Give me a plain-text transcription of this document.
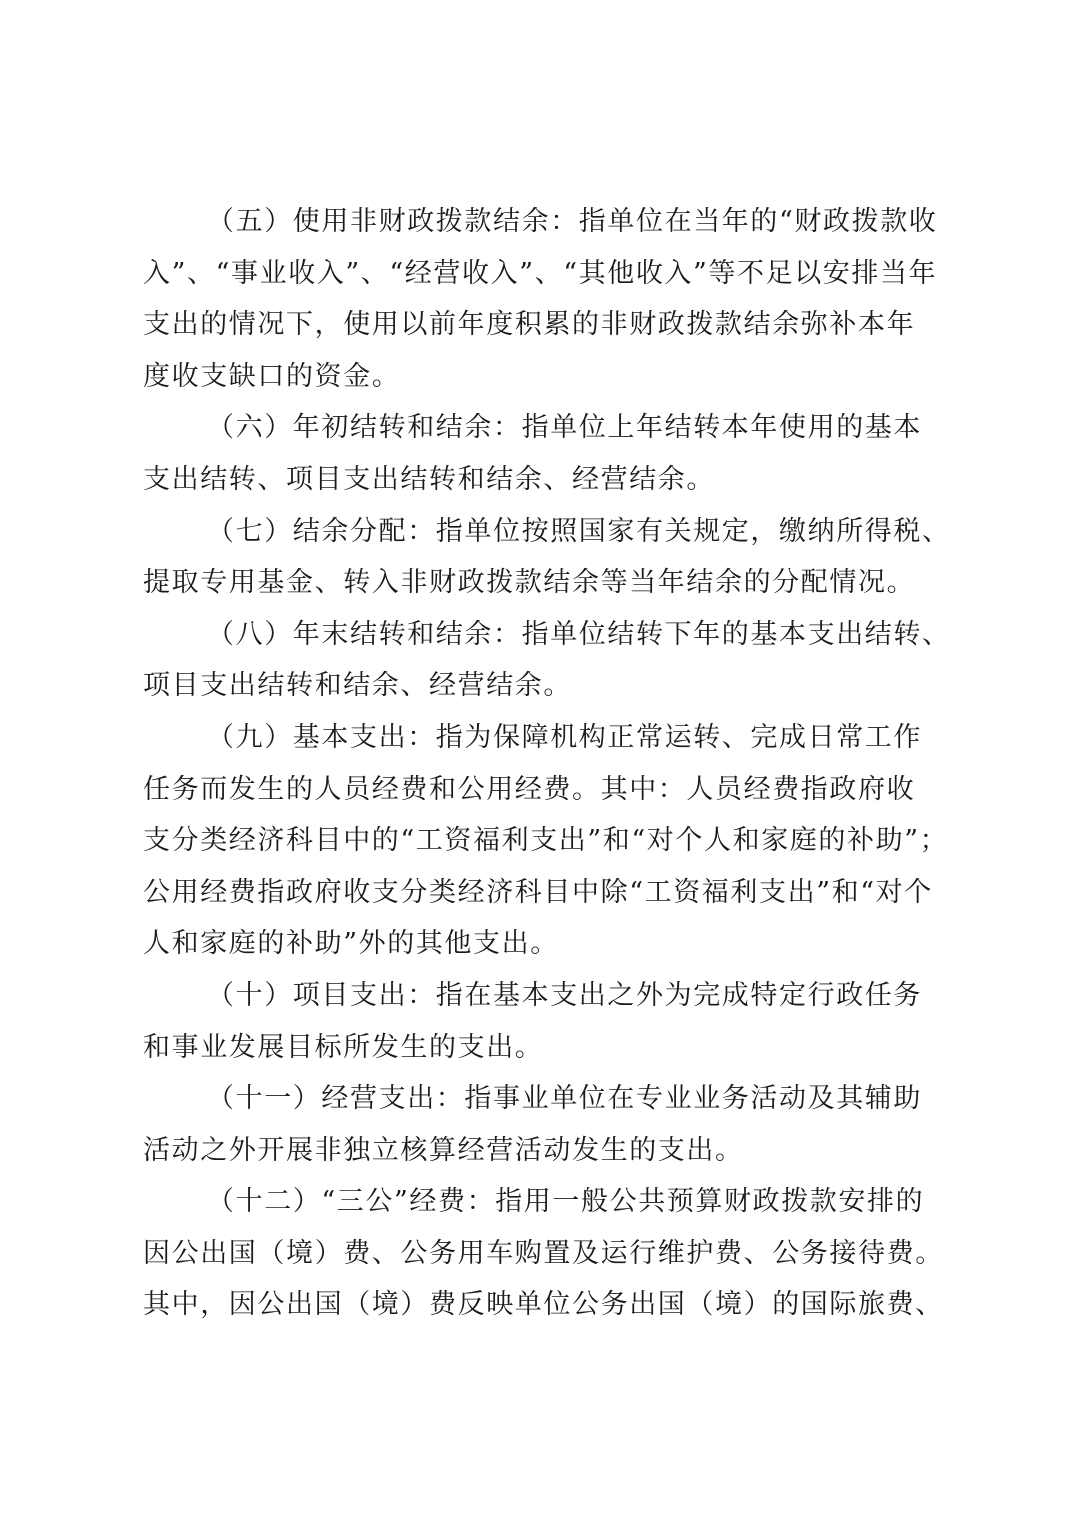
（五）使用非财政拨款结余：指单位在当年的“财政拨款收
入”、“事业收入”、“经营收入”、“其他收入”等不足以安排当年
支出的情况下，使用以前年度积累的非财政拨款结余弥补本年
度收支缺口的资金。
（六）年初结转和结余：指单位上年结转本年使用的基本
支出结转、项目支出结转和结余、经营结余。
（七）结余分配：指单位按照国家有关规定，缴纳所得税、
提取专用基金、转入非财政拨款结余等当年结余的分配情况。
（八）年末结转和结余：指单位结转下年的基本支出结转、
项目支出结转和结余、经营结余。
（九）基本支出：指为保障机构正常运转、完成日常工作
任务而发生的人员经费和公用经费。其中：人员经费指政府收
支分类经济科目中的“工资福利支出”和“对个人和家庭的补助”；
公用经费指政府收支分类经济科目中除“工资福利支出”和“对个
人和家庭的补助”外的其他支出。
（十）项目支出：指在基本支出之外为完成特定行政任务
和事业发展目标所发生的支出。
（十一）经营支出：指事业单位在专业业务活动及其辅助
活动之外开展非独立核算经营活动发生的支出。
（十二）“三公”经费：指用一般公共预算财政拨款安排的
因公出国（境）费、公务用车购置及运行维护费、公务接待费。
其中，因公出国（境）费反映单位公务出国（境）的国际旅费、
